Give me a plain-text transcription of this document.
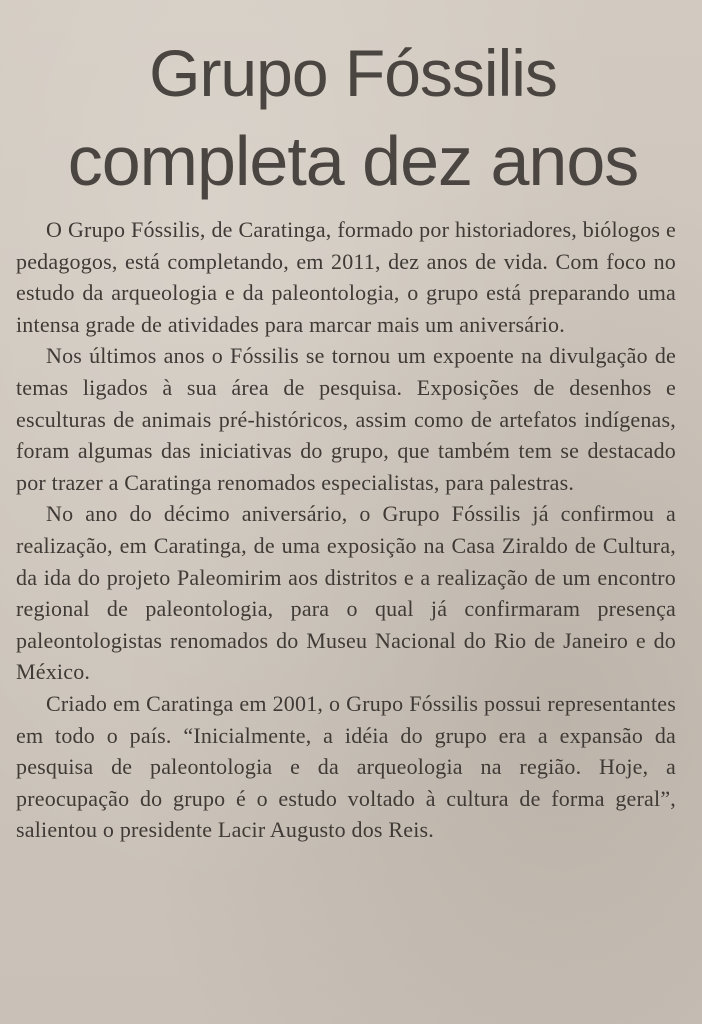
Grupo Fóssilis
completa dez anos

O Grupo Fóssilis, de Caratinga, formado por historiadores, biólogos e pedagogos, está completando, em 2011, dez anos de vida. Com foco no estudo da arqueologia e da paleontologia, o grupo está preparando uma intensa grade de atividades para marcar mais um aniversário.

Nos últimos anos o Fóssilis se tornou um expoente na divulgação de temas ligados à sua área de pesquisa. Exposições de desenhos e esculturas de animais pré-históricos, assim como de artefatos indígenas, foram algumas das iniciativas do grupo, que também tem se destacado por trazer a Caratinga renomados especialistas, para palestras.

No ano do décimo aniversário, o Grupo Fóssilis já confirmou a realização, em Caratinga, de uma exposição na Casa Ziraldo de Cultura, da ida do projeto Paleomirim aos distritos e a realização de um encontro regional de paleontologia, para o qual já confirmaram presença paleontologistas renomados do Museu Nacional do Rio de Janeiro e do México.

Criado em Caratinga em 2001, o Grupo Fóssilis possui representantes em todo o país. “Inicialmente, a idéia do grupo era a expansão da pesquisa de paleontologia e da arqueologia na região. Hoje, a preocupação do grupo é o estudo voltado à cultura de forma geral”, salientou o presidente Lacir Augusto dos Reis.
